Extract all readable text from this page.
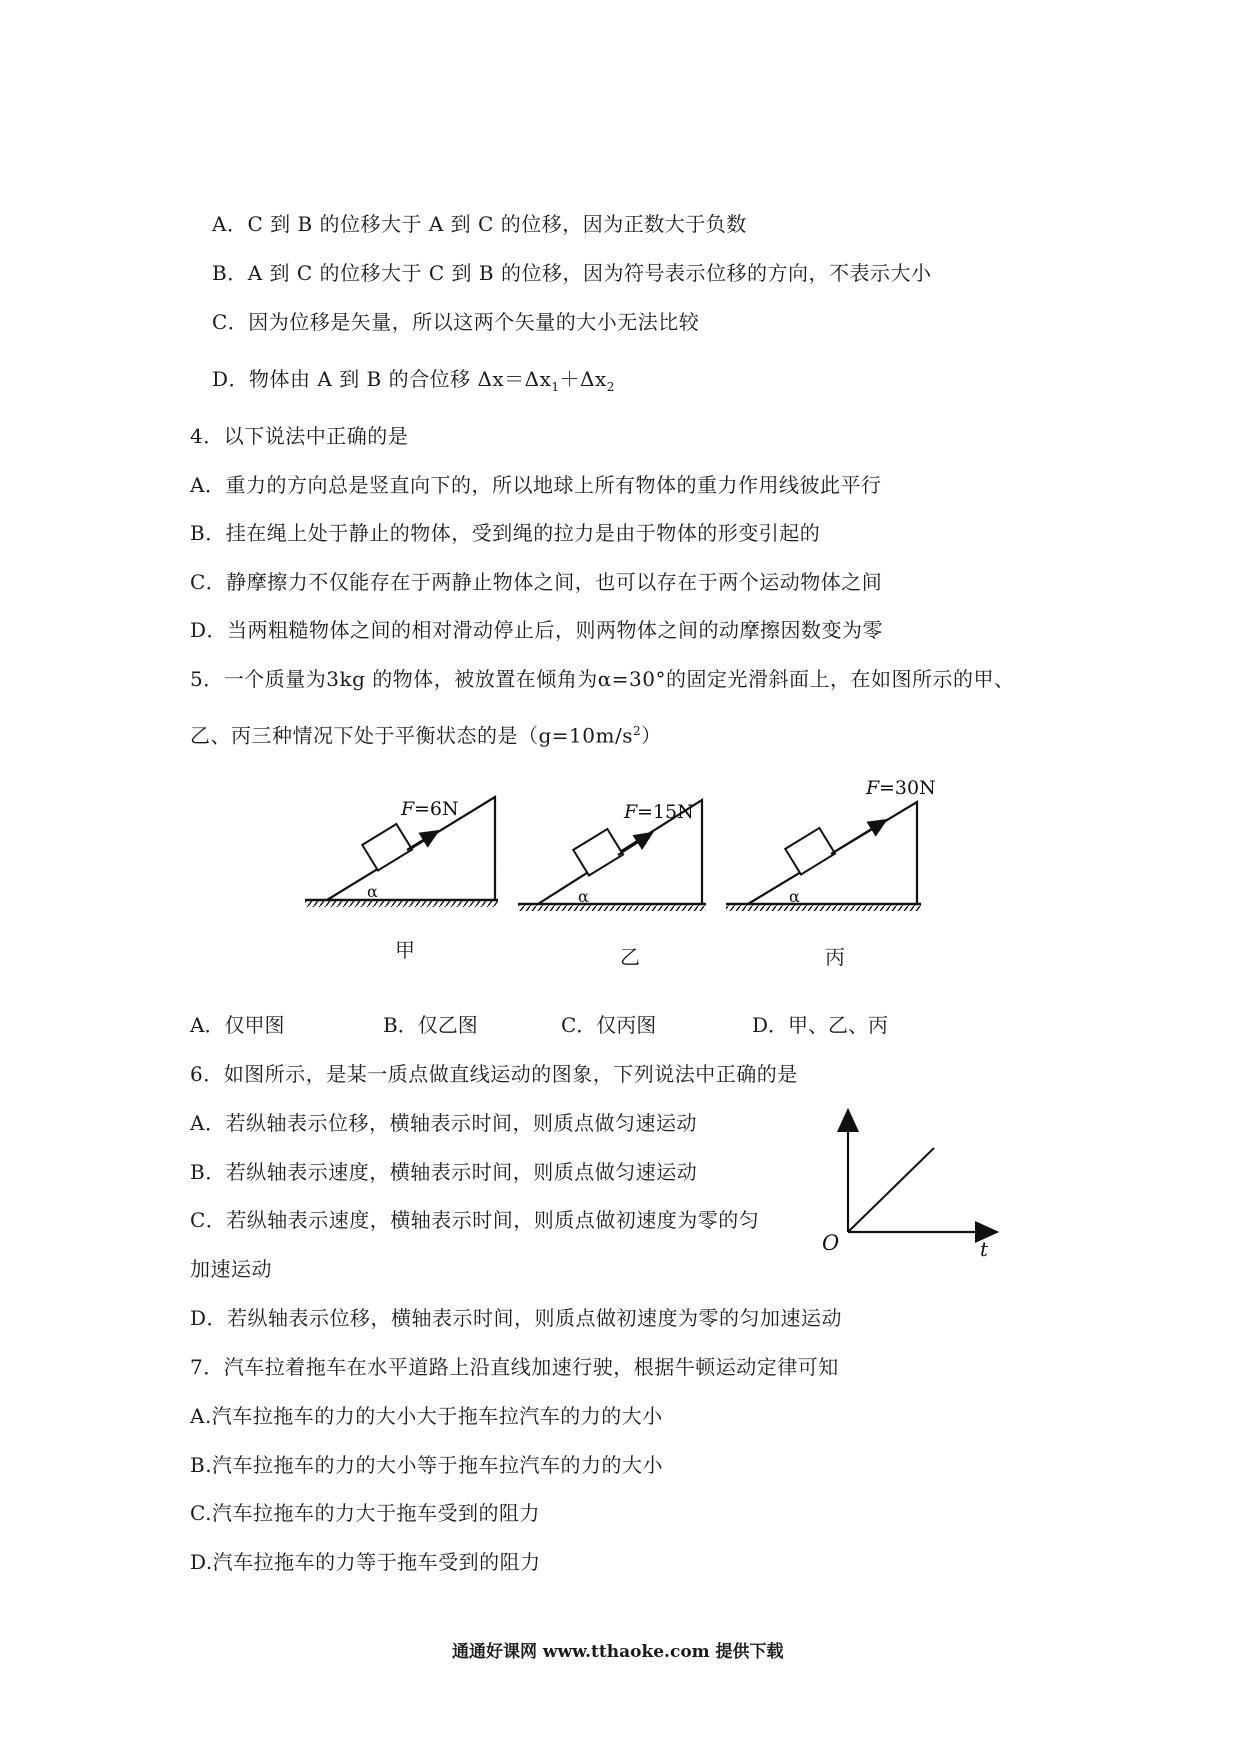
A．C 到 B 的位移大于 A 到 C 的位移，因为正数大于负数
B．A 到 C 的位移大于 C 到 B 的位移，因为符号表示位移的方向，不表示大小
C．因为位移是矢量，所以这两个矢量的大小无法比较
D．物体由 A 到 B 的合位移 $\Delta x=\Delta x_1+\Delta x_2$
4．以下说法中正确的是
A．重力的方向总是竖直向下的，所以地球上所有物体的重力作用线彼此平行
B．挂在绳上处于静止的物体，受到绳的拉力是由于物体的形变引起的
C．静摩擦力不仅能存在于两静止物体之间，也可以存在于两个运动物体之间
D．当两粗糙物体之间的相对滑动停止后，则两物体之间的动摩擦因数变为零
5．一个质量为3kg 的物体，被放置在倾角为α=30°的固定光滑斜面上，在如图所示的甲、
乙、丙三种情况下处于平衡状态的是$(g=10m/s^2)$
F =6N
α
F =15N
α
F =30N
α
甲	乙	丙
A．仅甲图	B．仅乙图	C．仅丙图	D．甲、乙、丙
6．如图所示，是某一质点做直线运动的图象，下列说法中正确的是
A．若纵轴表示位移，横轴表示时间，则质点做匀速运动
B．若纵轴表示速度，横轴表示时间，则质点做匀速运动
C．若纵轴表示速度，横轴表示时间，则质点做初速度为零的匀
加速运动
D．若纵轴表示位移，横轴表示时间，则质点做初速度为零的匀加速运动
O	t
7．汽车拉着拖车在水平道路上沿直线加速行驶，根据牛顿运动定律可知
A.汽车拉拖车的力的大小大于拖车拉汽车的力的大小
B.汽车拉拖车的力的大小等于拖车拉汽车的力的大小
C.汽车拉拖车的力大于拖车受到的阻力
D.汽车拉拖车的力等于拖车受到的阻力
通通好课网 www.tthaoke.com 提供下载
